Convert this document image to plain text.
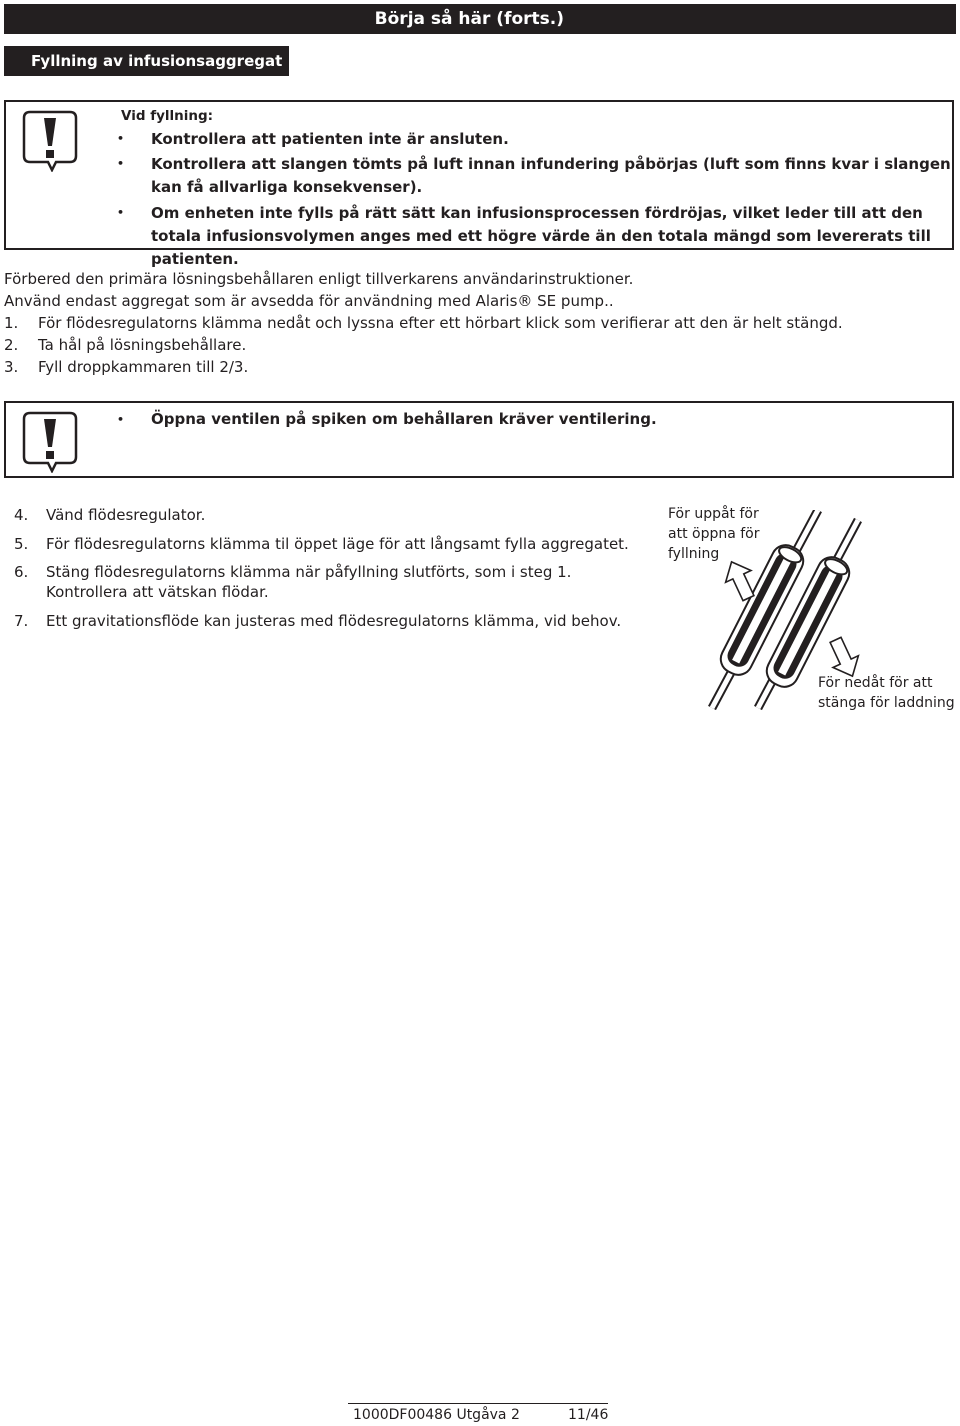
Börja så här (forts.)
Fyllning av infusionsaggregat
Vid fyllning:
• Kontrollera att patienten inte är ansluten.
• Kontrollera att slangen tömts på luft innan infundering påbörjas (luft som finns kvar i slangen kan få allvarliga konsekvenser).
• Om enheten inte fylls på rätt sätt kan infusionsprocessen fördröjas, vilket leder till att den totala infusionsvolymen anges med ett högre värde än den totala mängd som levererats till patienten.
Förbered den primära lösningsbehållaren enligt tillverkarens användarinstruktioner.
Använd endast aggregat som är avsedda för användning med Alaris® SE pump..
1. För flödesregulatorns klämma nedåt och lyssna efter ett hörbart klick som verifierar att den är helt stängd.
2. Ta hål på lösningsbehållare.
3. Fyll droppkammaren till 2/3.
• Öppna ventilen på spiken om behållaren kräver ventilering.
4. Vänd flödesregulator.
5. För flödesregulatorns klämma til öppet läge för att långsamt fylla aggregatet.
6. Stäng flödesregulatorns klämma när påfyllning slutförts, som i steg 1.
Kontrollera att vätskan flödar.
7. Ett gravitationsflöde kan justeras med flödesregulatorns klämma, vid behov.
För uppåt för
att öppna för
fyllning
För nedåt för att
stänga för laddning
1000DF00486 Utgåva 2	11/46
